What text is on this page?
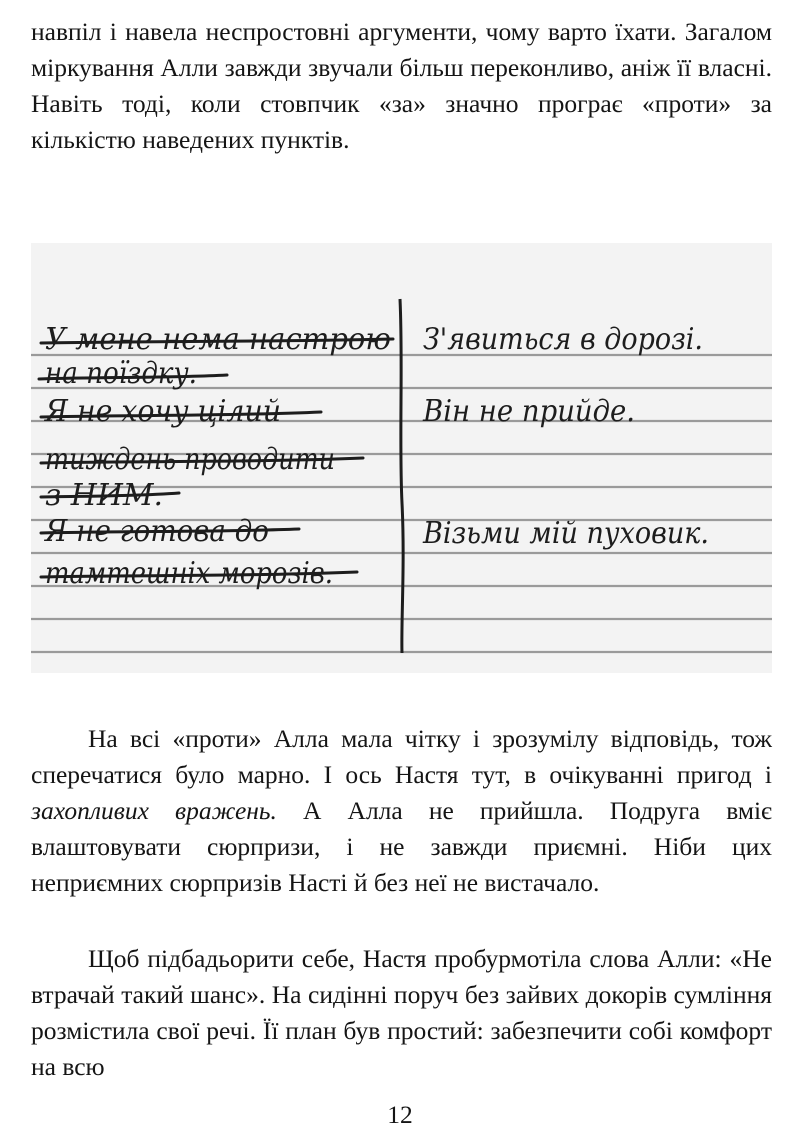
навпіл і навела неспростовні аргументи, чому варто їхати. Загалом міркування Алли завжди звучали більш переконливо, аніж її власні. Навіть тоді, коли стовпчик «за» значно програє «проти» за кількістю наведених пунктів.

У мене нема настрою
на поїздку.
Я не хочу цілий
тиждень проводити
з НИМ.
Я не готова до
тамтешніх морозів.
З'явиться в дорозі.
Він не прийде.
Візьми мій пуховик.

На всі «проти» Алла мала чітку і зрозумілу відповідь, тож сперечатися було марно. І ось Настя тут, в очікуванні пригод і захопливих вражень. А Алла не прийшла. Подруга вміє влаштовувати сюрпризи, і не завжди приємні. Ніби цих неприємних сюрпризів Насті й без неї не вистачало.

Щоб підбадьорити себе, Настя пробурмотіла слова Алли: «Не втрачай такий шанс». На сидінні поруч без зайвих докорів сумління розмістила свої речі. Її план був простий: забезпечити собі комфорт на всю

12
